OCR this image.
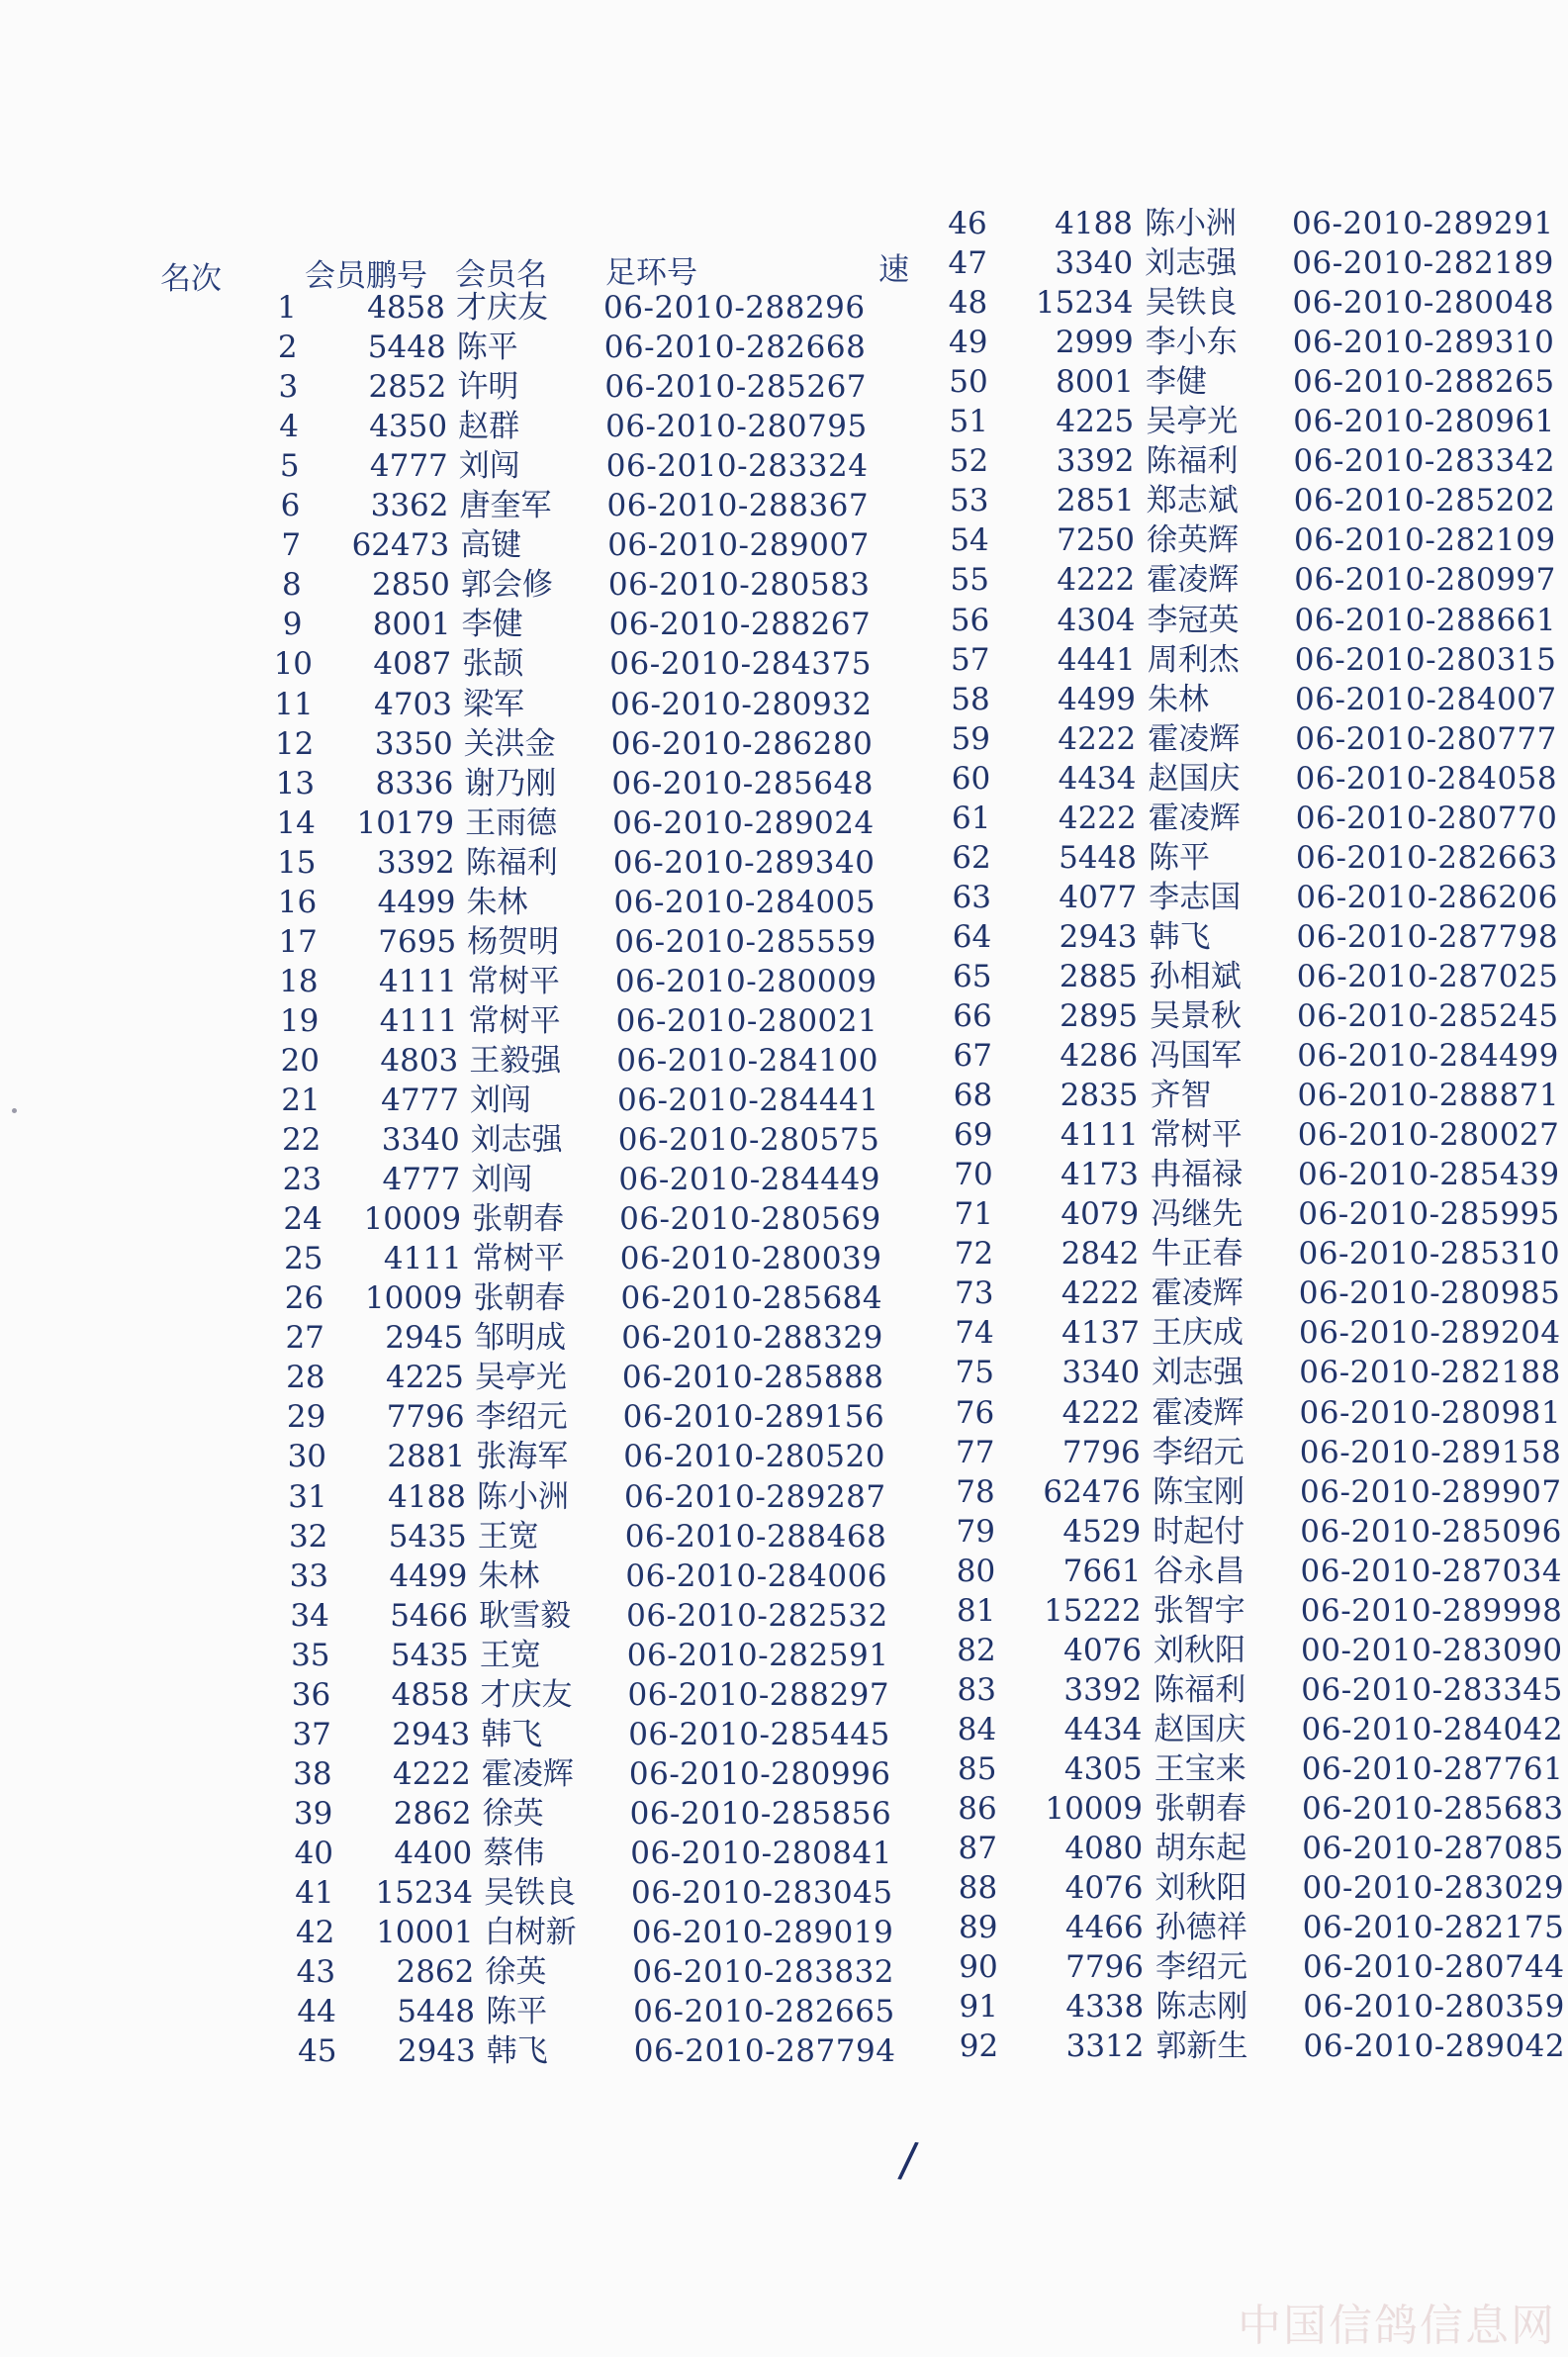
名次	会员鹏号 会员名 足环号	速
1	4858 才庆友	06-2010-288296
2	5448 陈平	06-2010-282668
3	2852 许明	06-2010-285267
4	4350 赵群	06-2010-280795
5	4777 刘闯	06-2010-283324
6	3362 唐奎军	06-2010-288367
7	62473 高键	06-2010-289007
8	2850 郭会修	06-2010-280583
9	8001 李健	06-2010-288267
10	4087 张颉	06-2010-284375
11	4703 梁军	06-2010-280932
12	3350 关洪金	06-2010-286280
13	8336 谢乃刚	06-2010-285648
14	10179 王雨德	06-2010-289024
15	3392 陈福利	06-2010-289340
16	4499 朱林	06-2010-284005
17	7695 杨贺明	06-2010-285559
18	4111 常树平	06-2010-280009
19	4111 常树平	06-2010-280021
20	4803 王毅强	06-2010-284100
21	4777 刘闯	06-2010-284441
22	3340 刘志强	06-2010-280575
23	4777 刘闯	06-2010-284449
24	10009 张朝春	06-2010-280569
25	4111 常树平	06-2010-280039
26	10009 张朝春	06-2010-285684
27	2945 邹明成	06-2010-288329
28	4225 吴亭光	06-2010-285888
29	7796 李绍元	06-2010-289156
30	2881 张海军	06-2010-280520
31	4188 陈小洲	06-2010-289287
32	5435 王宽	06-2010-288468
33	4499 朱林	06-2010-284006
34	5466 耿雪毅	06-2010-282532
35	5435 王宽	06-2010-282591
36	4858 才庆友	06-2010-288297
37	2943 韩飞	06-2010-285445
38	4222 霍凌辉	06-2010-280996
39	2862 徐英	06-2010-285856
40	4400 蔡伟	06-2010-280841
41	15234 吴铁良	06-2010-283045
42	10001 白树新	06-2010-289019
43	2862 徐英	06-2010-283832
44	5448 陈平	06-2010-282665
45	2943 韩飞	06-2010-287794
46	4188 陈小洲	06-2010-289291
47	3340 刘志强	06-2010-282189
48	15234 吴铁良	06-2010-280048
49	2999 李小东	06-2010-289310
50	8001 李健	06-2010-288265
51	4225 吴亭光	06-2010-280961
52	3392 陈福利	06-2010-283342
53	2851 郑志斌	06-2010-285202
54	7250 徐英辉	06-2010-282109
55	4222 霍凌辉	06-2010-280997
56	4304 李冠英	06-2010-288661
57	4441 周利杰	06-2010-280315
58	4499 朱林	06-2010-284007
59	4222 霍凌辉	06-2010-280777
60	4434 赵国庆	06-2010-284058
61	4222 霍凌辉	06-2010-280770
62	5448 陈平	06-2010-282663
63	4077 李志国	06-2010-286206
64	2943 韩飞	06-2010-287798
65	2885 孙相斌	06-2010-287025
66	2895 吴景秋	06-2010-285245
67	4286 冯国军	06-2010-284499
68	2835 齐智	06-2010-288871
69	4111 常树平	06-2010-280027
70	4173 冉福禄	06-2010-285439
71	4079 冯继先	06-2010-285995
72	2842 牛正春	06-2010-285310
73	4222 霍凌辉	06-2010-280985
74	4137 王庆成	06-2010-289204
75	3340 刘志强	06-2010-282188
76	4222 霍凌辉	06-2010-280981
77	7796 李绍元	06-2010-289158
78	62476 陈宝刚	06-2010-289907
79	4529 时起付	06-2010-285096
80	7661 谷永昌	06-2010-287034
81	15222 张智宇	06-2010-289998
82	4076 刘秋阳	00-2010-283090
83	3392 陈福利	06-2010-283345
84	4434 赵国庆	06-2010-284042
85	4305 王宝来	06-2010-287761
86	10009 张朝春	06-2010-285683
87	4080 胡东起	06-2010-287085
88	4076 刘秋阳	00-2010-283029
89	4466 孙德祥	06-2010-282175
90	7796 李绍元	06-2010-280744
91	4338 陈志刚	06-2010-280359
92	3312 郭新生	06-2010-289042
/
中国信鸽信息网
